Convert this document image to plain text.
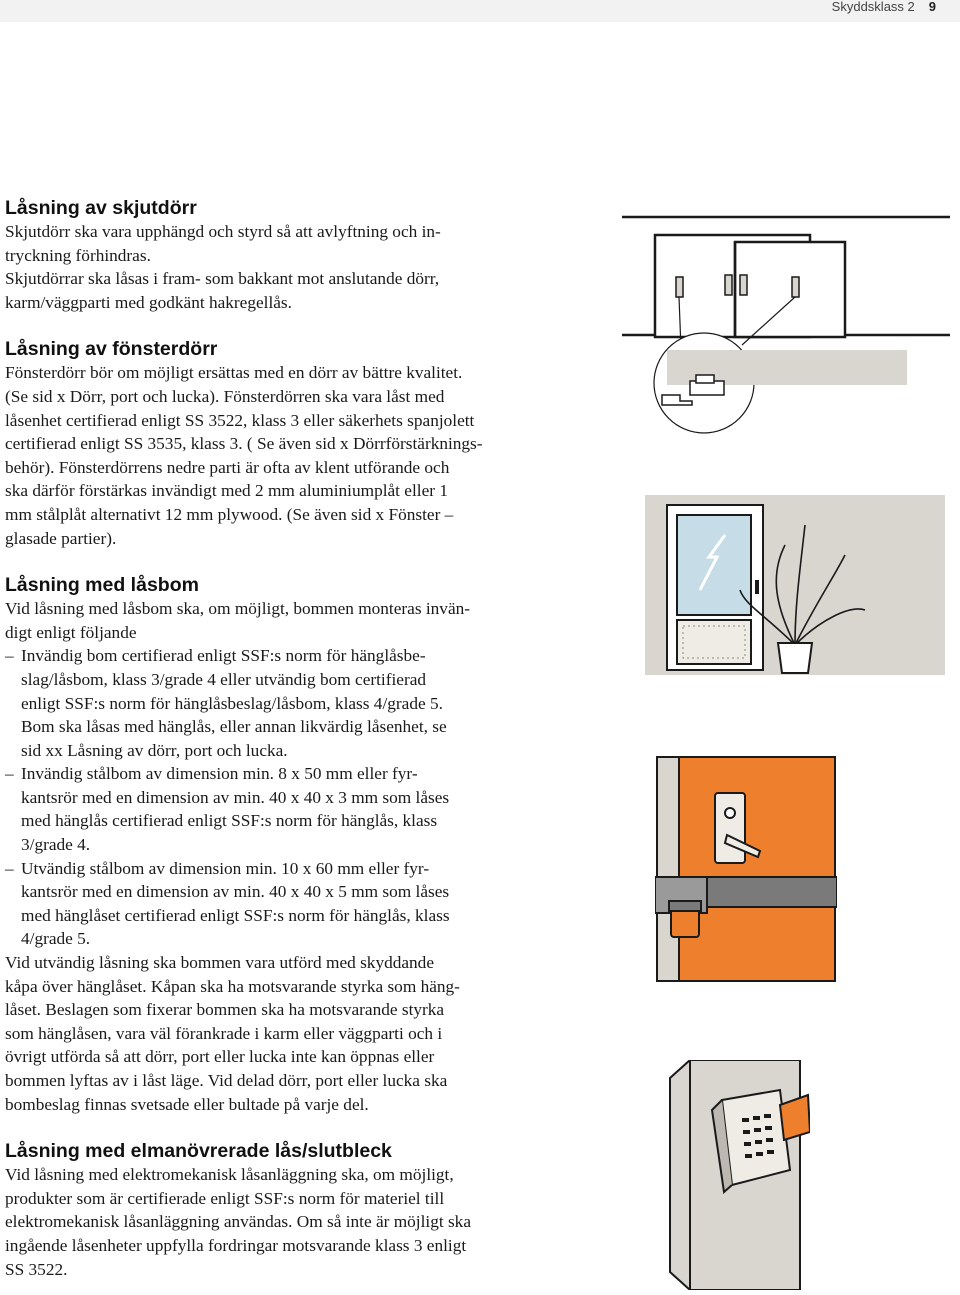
Skyddsklass 2 9
Låsning av skjutdörr

Skjutdörr ska vara upphängd och styrd så att avlyftning och in-

tryckning förhindras.

Skjutdörrar ska låsas i fram- som bakkant mot anslutande dörr,

karm/väggparti med godkänt hakregellås.

Låsning av fönsterdörr

Fönsterdörr bör om möjligt ersättas med en dörr av bättre kvalitet.

(Se sid x Dörr, port och lucka). Fönsterdörren ska vara låst med

låsenhet certifierad enligt SS 3522, klass 3 eller säkerhets spanjolett

certifierad enligt SS 3535, klass 3. ( Se även sid x Dörrförstärknings-

behör). Fönsterdörrens nedre parti är ofta av klent utförande och

ska därför förstärkas invändigt med 2 mm aluminiumplåt eller 1

mm stålplåt alternativt 12 mm plywood. (Se även sid x Fönster –

glasade partier).

Låsning med låsbom

Vid låsning med låsbom ska, om möjligt, bommen monteras invän-

digt enligt följande

– Invändig bom certifierad enligt SSF:s norm för hänglåsbe-
slag/låsbom, klass 3/grade 4 eller utvändig bom certifierad
enligt SSF:s norm för hänglåsbeslag/låsbom, klass 4/grade 5.
Bom ska låsas med hänglås, eller annan likvärdig låsenhet, se
sid xx Låsning av dörr, port och lucka.
– Invändig stålbom av dimension min. 8 x 50 mm eller fyr-
kantsrör med en dimension av min. 40 x 40 x 3 mm som låses
med hänglås certifierad enligt SSF:s norm för hänglås, klass
3/grade 4.
– Utvändig stålbom av dimension min. 10 x 60 mm eller fyr-
kantsrör med en dimension av min. 40 x 40 x 5 mm som låses
med hänglåset certifierad enligt SSF:s norm för hänglås, klass
4/grade 5.

Vid utvändig låsning ska bommen vara utförd med skyddande

kåpa över hänglåset. Kåpan ska ha motsvarande styrka som häng-

låset. Beslagen som fixerar bommen ska ha motsvarande styrka

som hänglåsen, vara väl förankrade i karm eller väggparti och i

övrigt utförda så att dörr, port eller lucka inte kan öppnas eller

bommen lyftas av i låst läge. Vid delad dörr, port eller lucka ska

bombeslag finnas svetsade eller bultade på varje del.

Låsning med elmanövrerade lås/slutbleck

Vid låsning med elektromekanisk låsanläggning ska, om möjligt,

produkter som är certifierade enligt SSF:s norm för materiel till

elektromekanisk låsanläggning användas. Om så inte är möjligt ska

ingående låsenheter uppfylla fordringar motsvarande klass 3 enligt

SS 3522.
